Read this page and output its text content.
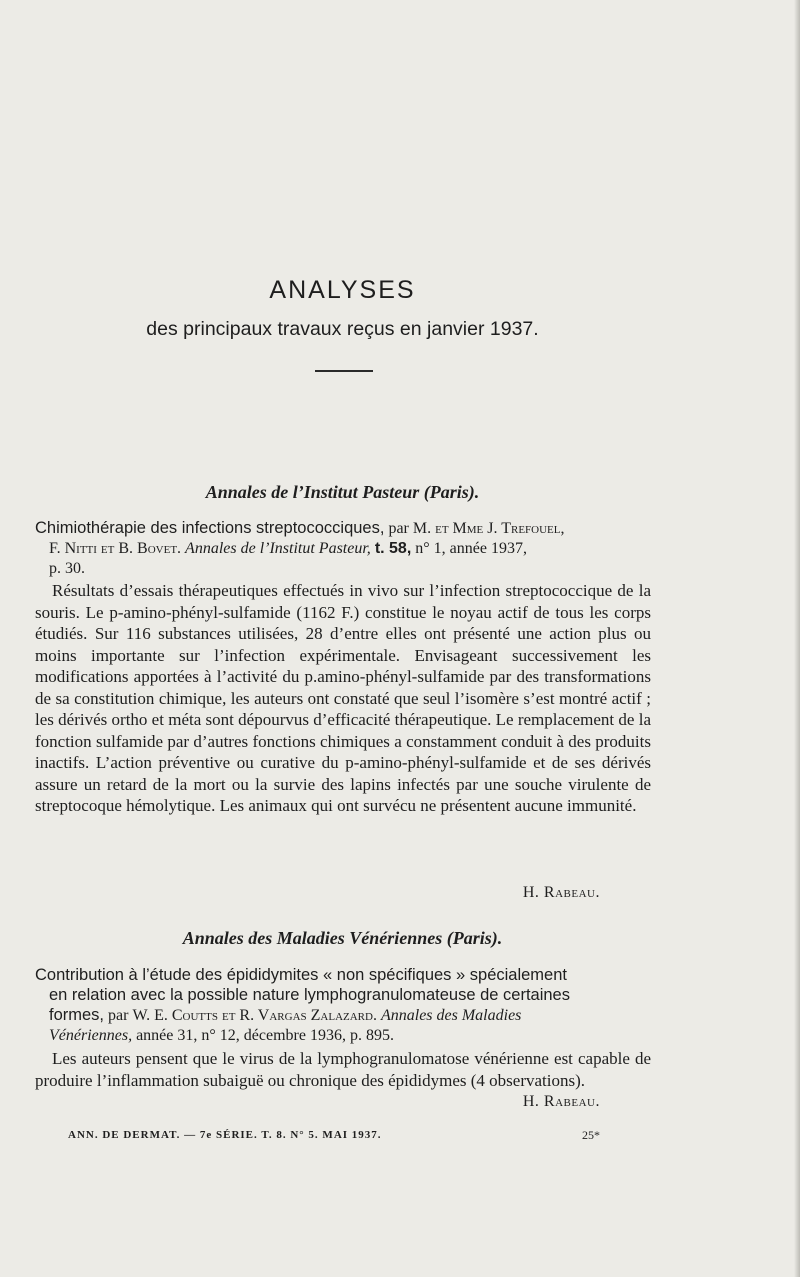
ANALYSES
des principaux travaux reçus en janvier 1937.
Annales de l’Institut Pasteur (Paris).
Chimiothérapie des infections streptococciques, par M. et Mme J. Trefouel,
F. Nitti et B. Bovet. Annales de l’Institut Pasteur, t. 58, n° 1, année 1937,
p. 30.

Résultats d’essais thérapeutiques effectués in vivo sur l’infection streptococcique de la souris. Le p-amino-phényl-sulfamide (1162 F.) constitue le noyau actif de tous les corps étudiés. Sur 116 substances utilisées, 28 d’entre elles ont présenté une action plus ou moins importante sur l’infection expérimentale. Envisageant successivement les modifications apportées à l’activité du p.amino-phényl-sulfamide par des transformations de sa constitution chimique, les auteurs ont constaté que seul l’isomère s’est montré actif ; les dérivés ortho et méta sont dépourvus d’efficacité thérapeutique. Le remplacement de la fonction sulfamide par d’autres fonctions chimiques a constamment conduit à des produits inactifs. L’action préventive ou curative du p-amino-phényl-sulfamide et de ses dérivés assure un retard de la mort ou la survie des lapins infectés par une souche virulente de streptocoque hémolytique. Les animaux qui ont survécu ne présentent aucune immunité.

H. Rabeau.
Annales des Maladies Vénériennes (Paris).
Contribution à l’étude des épididymites « non spécifiques » spécialement
en relation avec la possible nature lymphogranulomateuse de certaines
formes, par W. E. Coutts et R. Vargas Zalazard. Annales des Maladies
Vénériennes, année 31, n° 12, décembre 1936, p. 895.

Les auteurs pensent que le virus de la lymphogranulomatose vénérienne est capable de produire l’inflammation subaiguë ou chronique des épididymes (4 observations).

H. Rabeau.
ANN. DE DERMAT. — 7e SÉRIE. T. 8. N° 5. MAI 1937.	25*
